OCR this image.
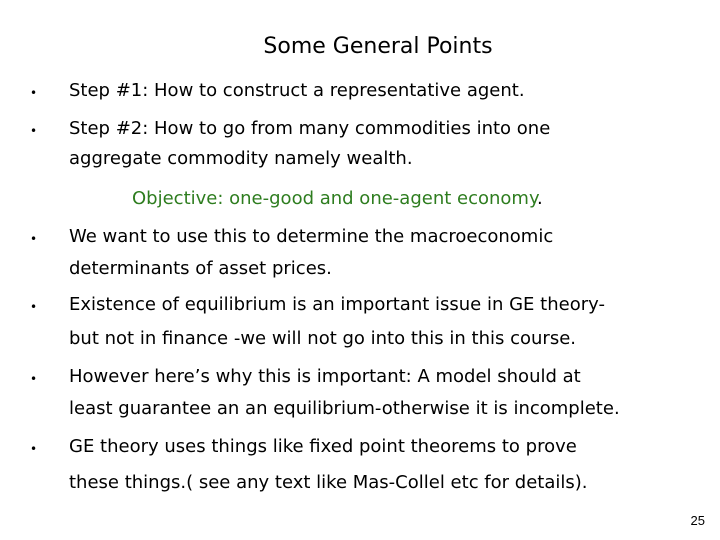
Some General Points
• Step #1: How to construct a representative agent.
• Step #2: How to go from many commodities into one
aggregate commodity namely wealth.
Objective: one-good and one-agent economy.
• We want to use this to determine the macroeconomic
determinants of asset prices.
• Existence of equilibrium is an important issue in GE theory-
but not in finance -we will not go into this in this course.
• However here’s why this is important: A model should at
least guarantee an an equilibrium-otherwise it is incomplete.
• GE theory uses things like fixed point theorems to prove
these things.( see any text like Mas-Collel etc for details).
25
